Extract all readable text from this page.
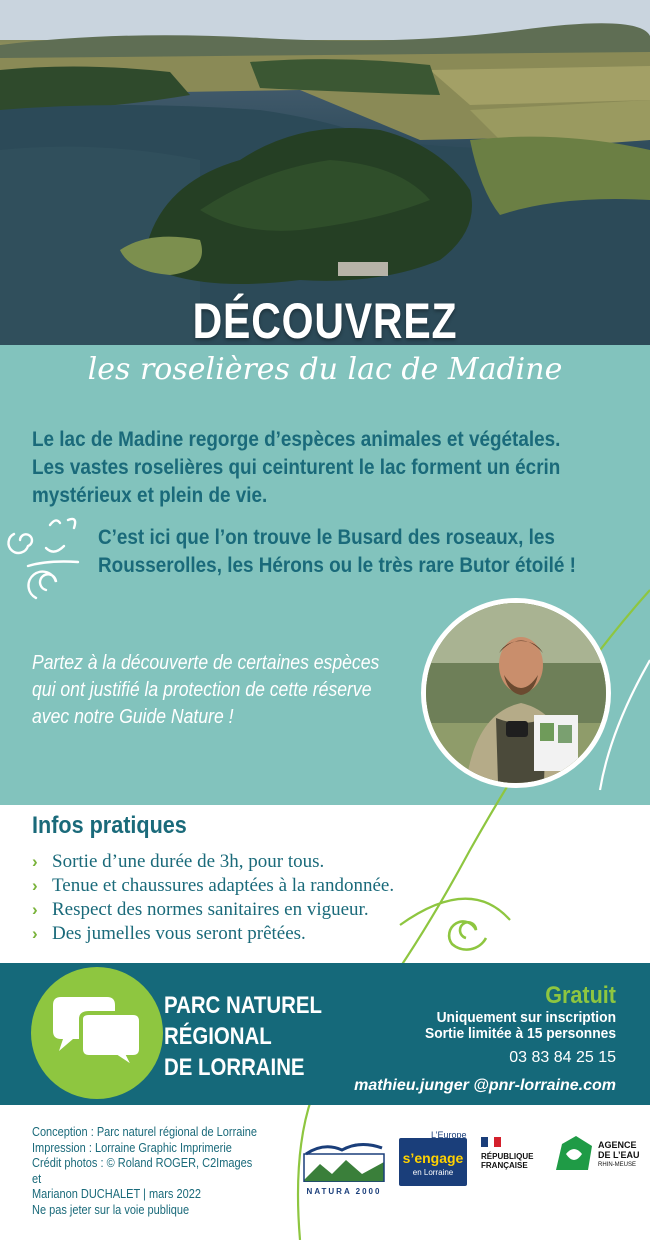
DÉCOUVREZ
les roselières du lac de Madine
Le lac de Madine regorge d’espèces animales et végétales. Les vastes roselières qui ceinturent le lac forment un écrin mystérieux et plein de vie.
C’est ici que l’on trouve le Busard des roseaux, les Rousserolles, les Hérons ou le très rare Butor étoilé !
Partez à la découverte de certaines espèces qui ont justifié la protection de cette réserve avec notre Guide Nature !
Infos pratiques
› Sortie d’une durée de 3h, pour tous.
› Tenue et chaussures adaptées à la randonnée.
› Respect des normes sanitaires en vigueur.
› Des jumelles vous seront prêtées.
PARC NATUREL
RÉGIONAL
DE LORRAINE
Gratuit
Uniquement sur inscription
Sortie limitée à 15 personnes
03 83 84 25 15
mathieu.junger @pnr-lorraine.com
Conception : Parc naturel régional de Lorraine
Impression : Lorraine Graphic Imprimerie
Crédit photos : © Roland ROGER, C2Images et
Marianon DUCHALET | mars 2022
Ne pas jeter sur la voie publique
NATURA 2000
L’Europe
s’engage
en Lorraine
RÉPUBLIQUE
FRANÇAISE
AGENCE
DE L’EAU
RHIN-MEUSE
